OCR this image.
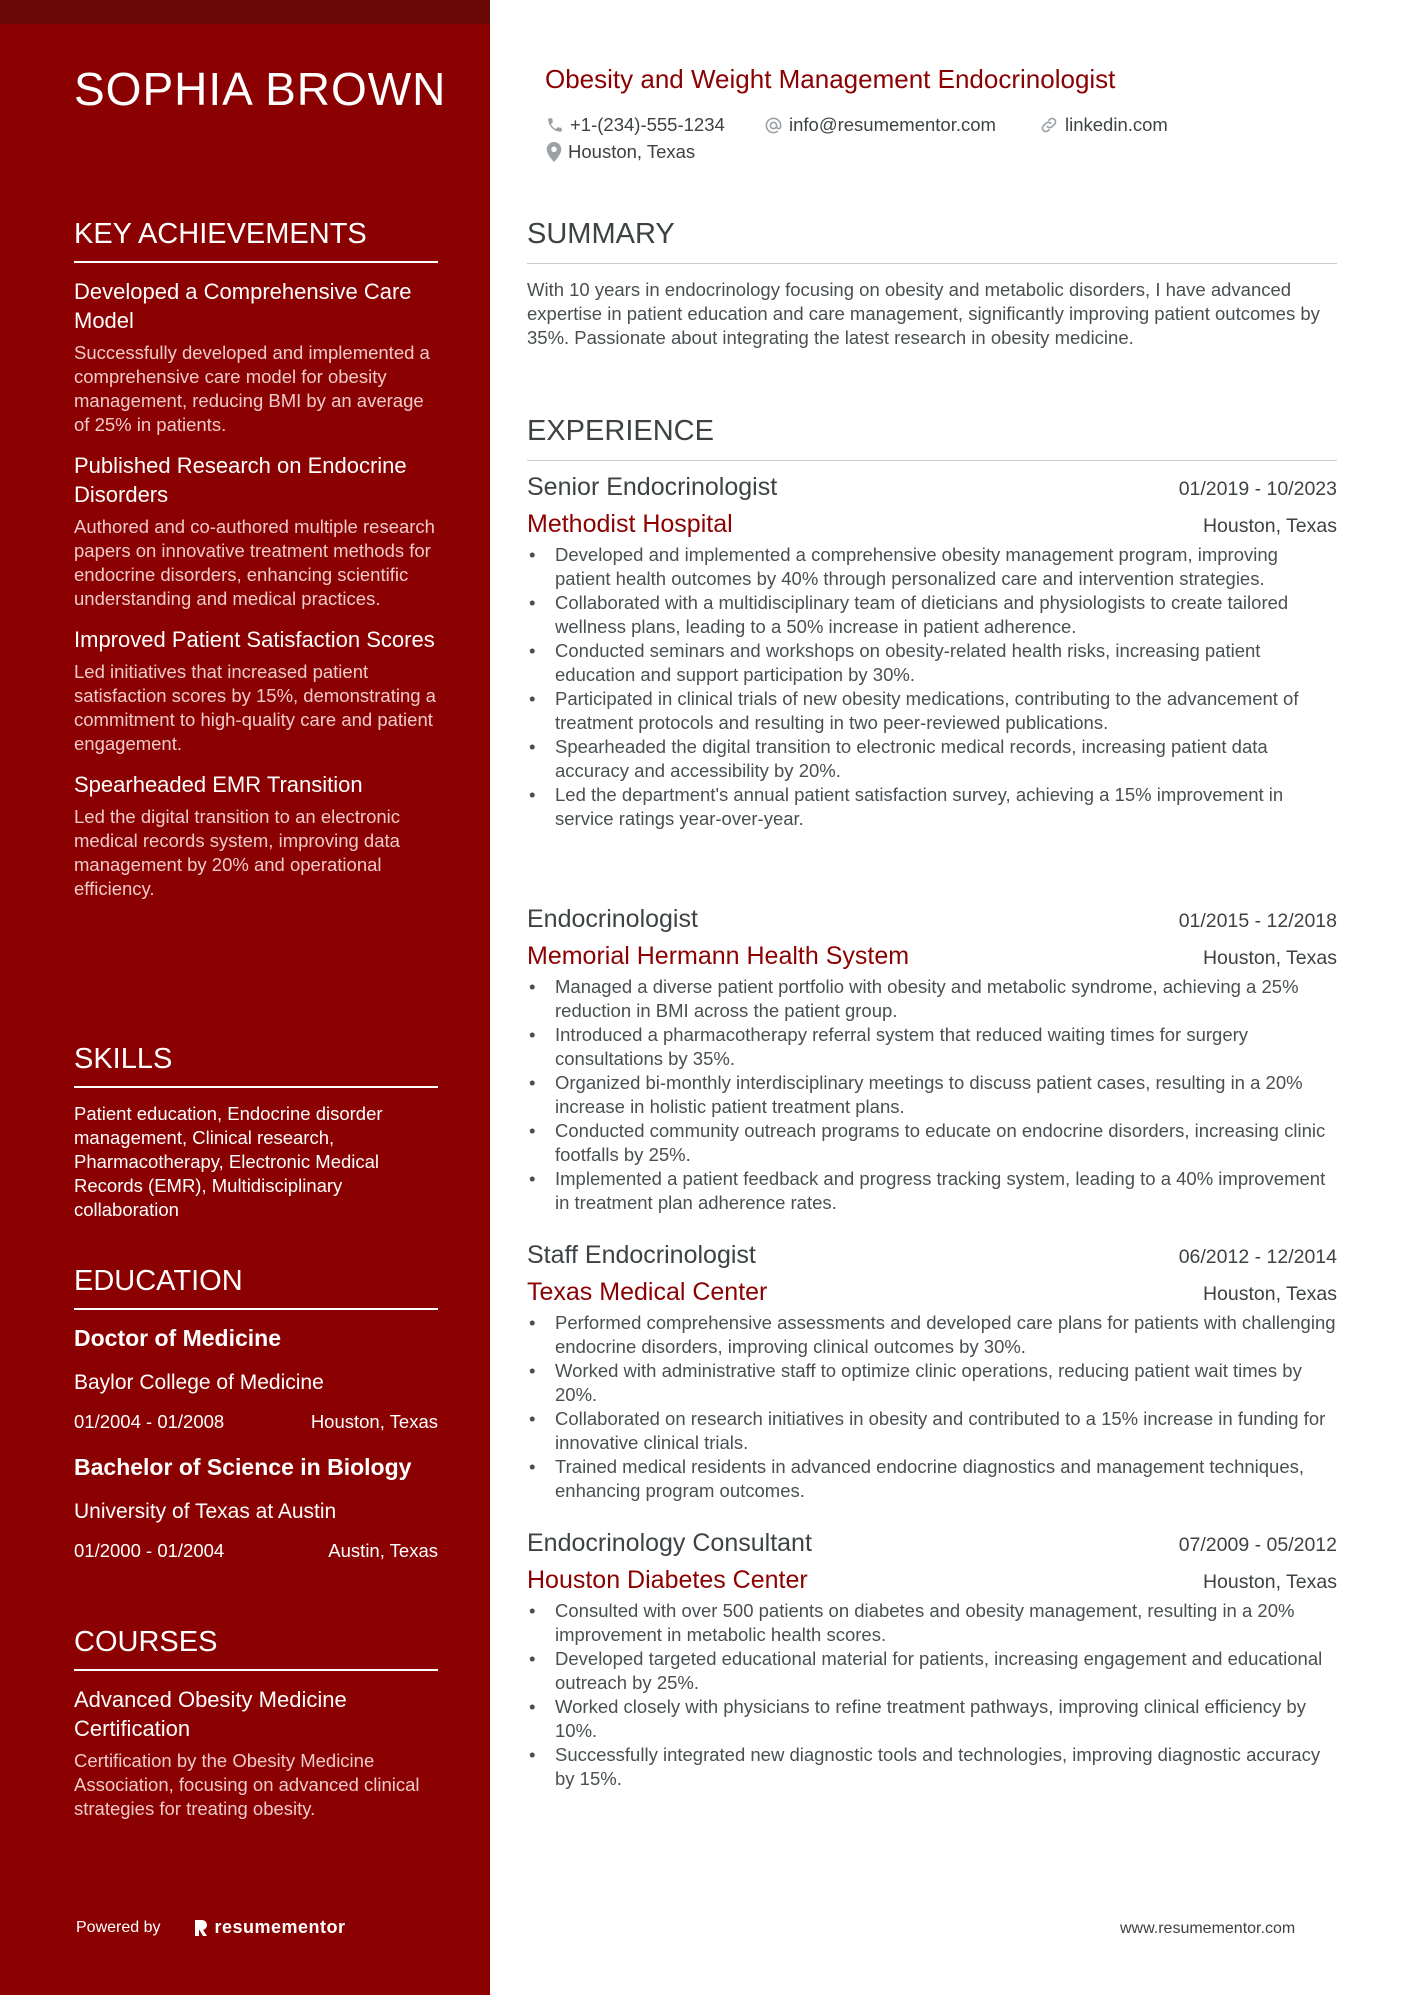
SOPHIA BROWN
KEY ACHIEVEMENTS
Developed a Comprehensive Care Model
Successfully developed and implemented a comprehensive care model for obesity management, reducing BMI by an average of 25% in patients.
Published Research on Endocrine Disorders
Authored and co-authored multiple research papers on innovative treatment methods for endocrine disorders, enhancing scientific understanding and medical practices.
Improved Patient Satisfaction Scores
Led initiatives that increased patient satisfaction scores by 15%, demonstrating a commitment to high-quality care and patient engagement.
Spearheaded EMR Transition
Led the digital transition to an electronic medical records system, improving data management by 20% and operational efficiency.
SKILLS
Patient education, Endocrine disorder management, Clinical research, Pharmacotherapy, Electronic Medical Records (EMR), Multidisciplinary collaboration
EDUCATION
Doctor of Medicine
Baylor College of Medicine
01/2004 - 01/2008	Houston, Texas
Bachelor of Science in Biology
University of Texas at Austin
01/2000 - 01/2004	Austin, Texas
COURSES
Advanced Obesity Medicine Certification
Certification by the Obesity Medicine Association, focusing on advanced clinical strategies for treating obesity.
Powered by	resumementor
Obesity and Weight Management Endocrinologist
+1-(234)-555-1234	info@resumementor.com	linkedin.com
Houston, Texas
SUMMARY
With 10 years in endocrinology focusing on obesity and metabolic disorders, I have advanced expertise in patient education and care management, significantly improving patient outcomes by 35%. Passionate about integrating the latest research in obesity medicine.
EXPERIENCE
Senior Endocrinologist	01/2019 - 10/2023
Methodist Hospital	Houston, Texas
• Developed and implemented a comprehensive obesity management program, improving patient health outcomes by 40% through personalized care and intervention strategies.
• Collaborated with a multidisciplinary team of dieticians and physiologists to create tailored wellness plans, leading to a 50% increase in patient adherence.
• Conducted seminars and workshops on obesity-related health risks, increasing patient education and support participation by 30%.
• Participated in clinical trials of new obesity medications, contributing to the advancement of treatment protocols and resulting in two peer-reviewed publications.
• Spearheaded the digital transition to electronic medical records, increasing patient data accuracy and accessibility by 20%.
• Led the department's annual patient satisfaction survey, achieving a 15% improvement in service ratings year-over-year.
Endocrinologist	01/2015 - 12/2018
Memorial Hermann Health System	Houston, Texas
• Managed a diverse patient portfolio with obesity and metabolic syndrome, achieving a 25% reduction in BMI across the patient group.
• Introduced a pharmacotherapy referral system that reduced waiting times for surgery consultations by 35%.
• Organized bi-monthly interdisciplinary meetings to discuss patient cases, resulting in a 20% increase in holistic patient treatment plans.
• Conducted community outreach programs to educate on endocrine disorders, increasing clinic footfalls by 25%.
• Implemented a patient feedback and progress tracking system, leading to a 40% improvement in treatment plan adherence rates.
Staff Endocrinologist	06/2012 - 12/2014
Texas Medical Center	Houston, Texas
• Performed comprehensive assessments and developed care plans for patients with challenging endocrine disorders, improving clinical outcomes by 30%.
• Worked with administrative staff to optimize clinic operations, reducing patient wait times by 20%.
• Collaborated on research initiatives in obesity and contributed to a 15% increase in funding for innovative clinical trials.
• Trained medical residents in advanced endocrine diagnostics and management techniques, enhancing program outcomes.
Endocrinology Consultant	07/2009 - 05/2012
Houston Diabetes Center	Houston, Texas
• Consulted with over 500 patients on diabetes and obesity management, resulting in a 20% improvement in metabolic health scores.
• Developed targeted educational material for patients, increasing engagement and educational outreach by 25%.
• Worked closely with physicians to refine treatment pathways, improving clinical efficiency by 10%.
• Successfully integrated new diagnostic tools and technologies, improving diagnostic accuracy by 15%.
www.resumementor.com
